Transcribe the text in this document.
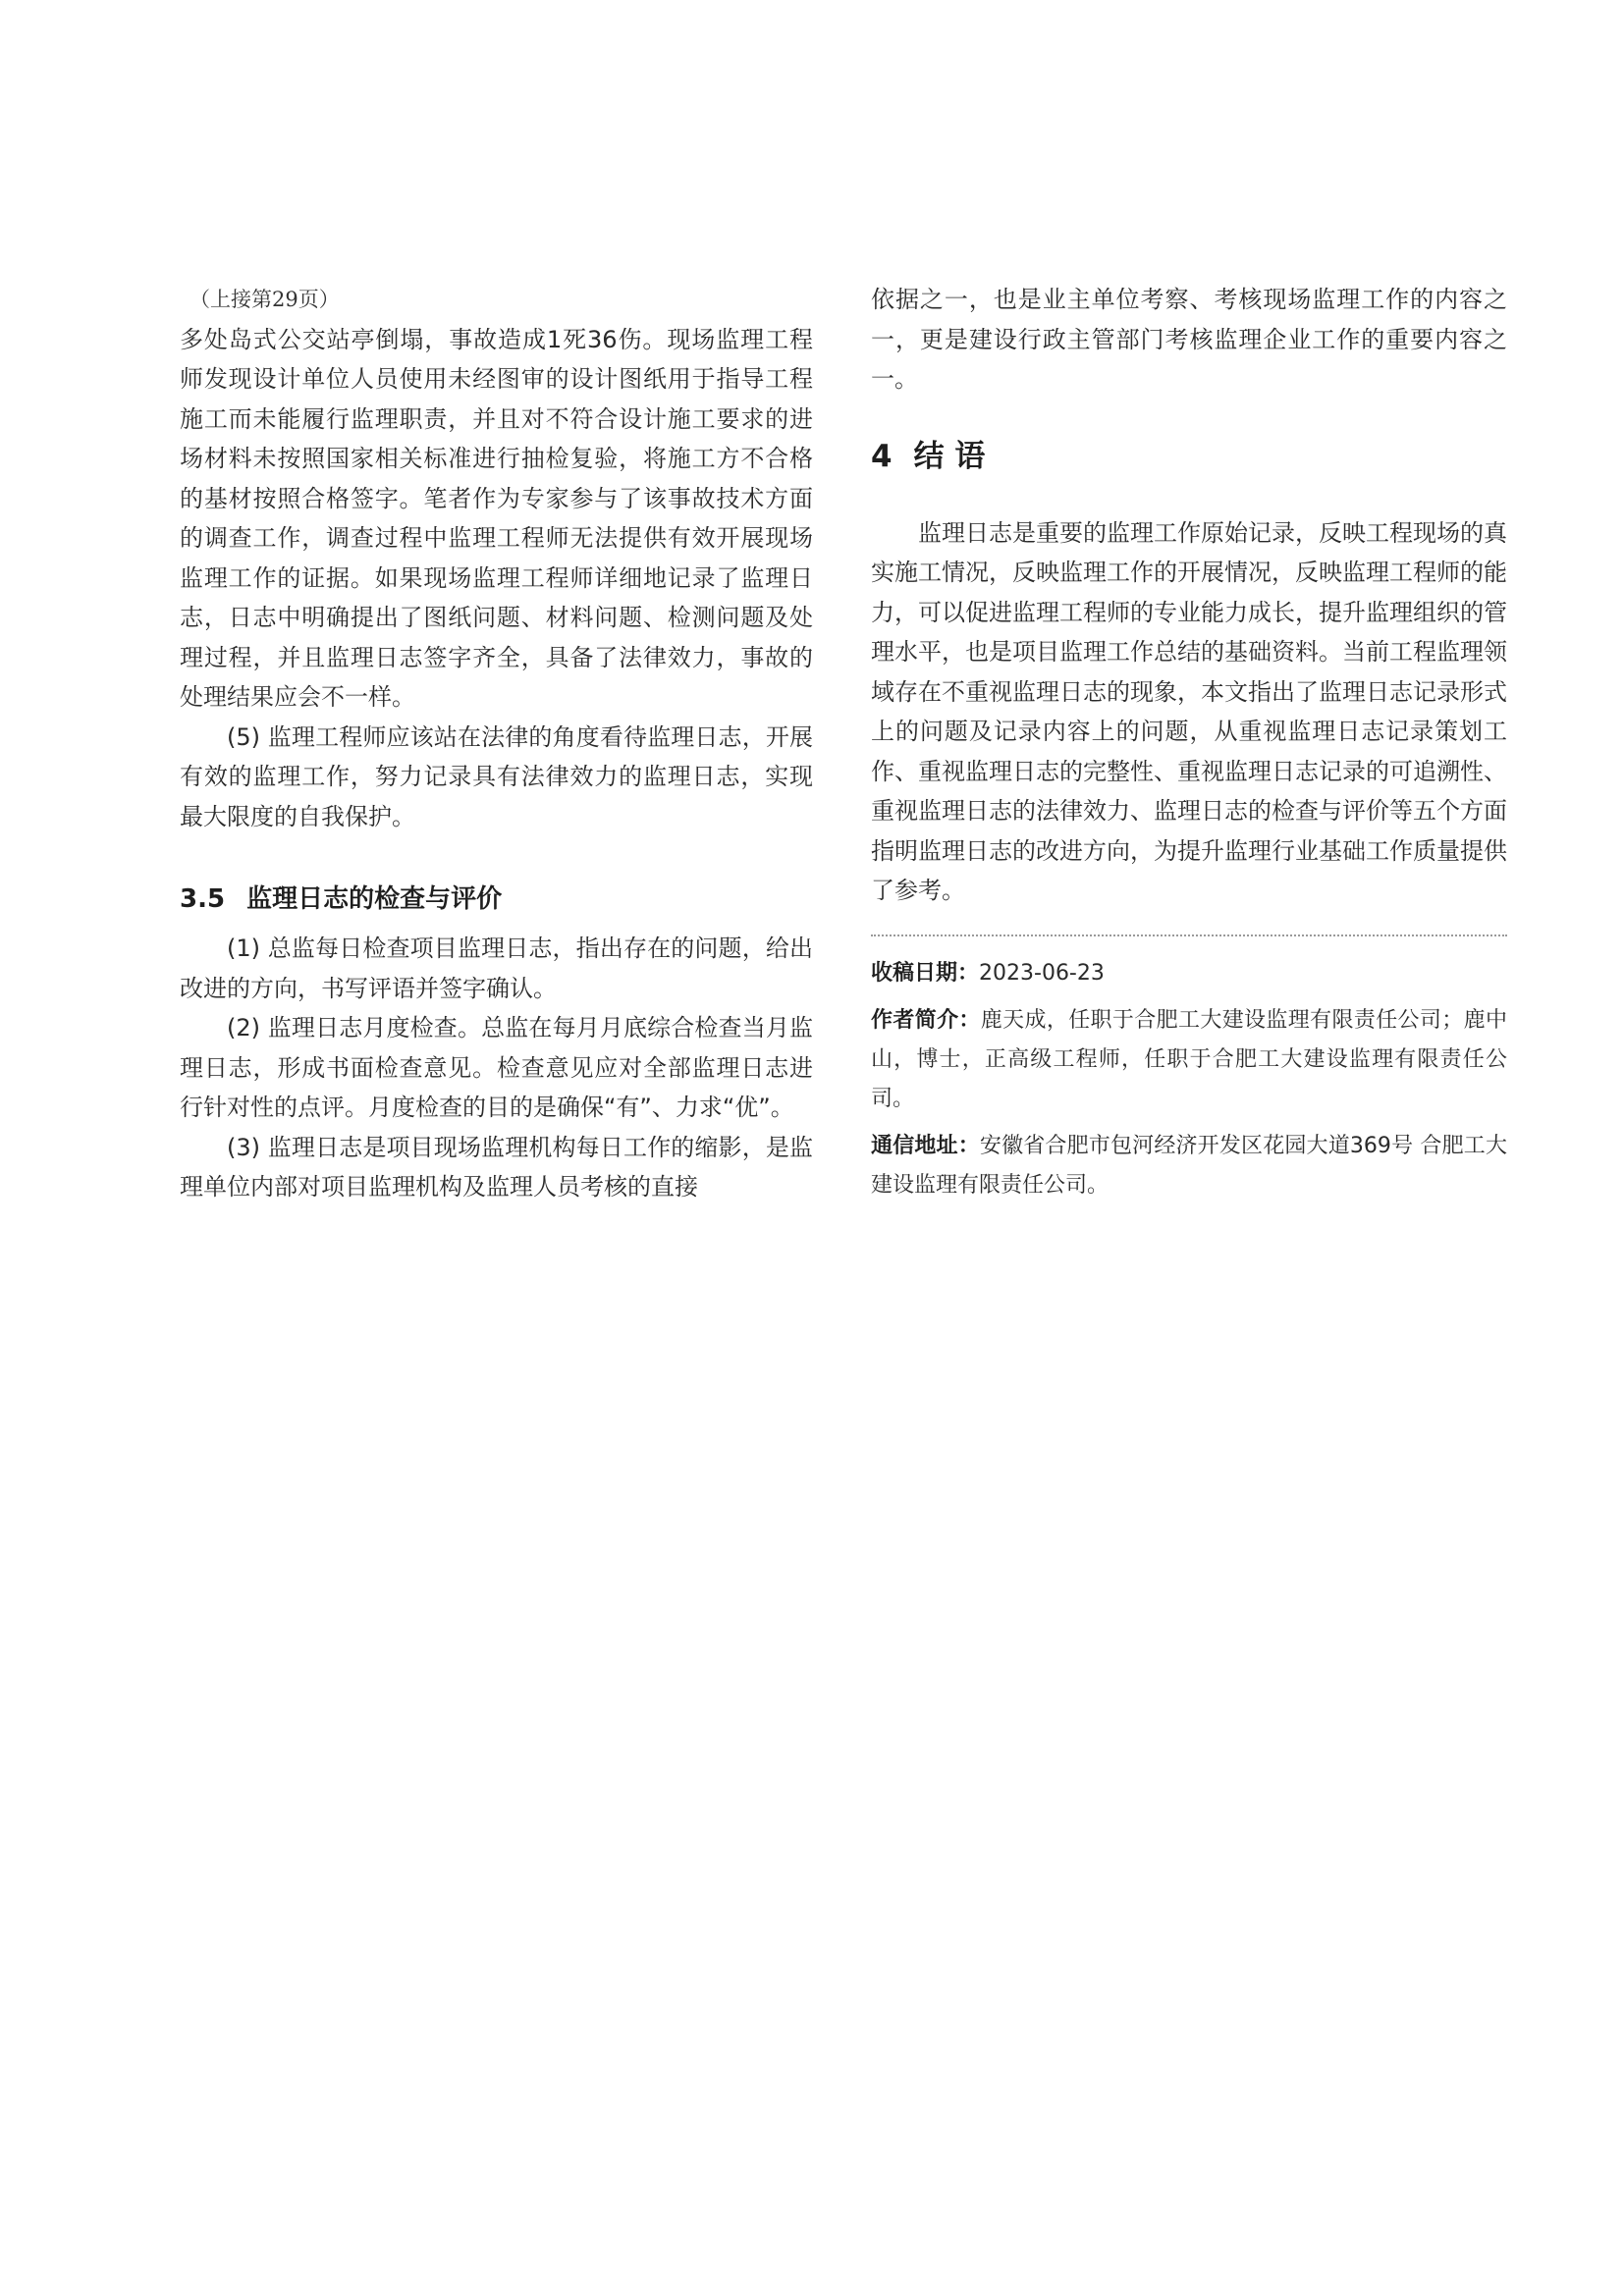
（上接第29页）

多处岛式公交站亭倒塌，事故造成1死36伤。现场监理工程师发现设计单位人员使用未经图审的设计图纸用于指导工程施工而未能履行监理职责，并且对不符合设计施工要求的进场材料未按照国家相关标准进行抽检复验，将施工方不合格的基材按照合格签字。笔者作为专家参与了该事故技术方面的调查工作，调查过程中监理工程师无法提供有效开展现场监理工作的证据。如果现场监理工程师详细地记录了监理日志，日志中明确提出了图纸问题、材料问题、检测问题及处理过程，并且监理日志签字齐全，具备了法律效力，事故的处理结果应会不一样。

(5) 监理工程师应该站在法律的角度看待监理日志，开展有效的监理工作，努力记录具有法律效力的监理日志，实现最大限度的自我保护。

3.5 监理日志的检查与评价

(1) 总监每日检查项目监理日志，指出存在的问题，给出改进的方向，书写评语并签字确认。

(2) 监理日志月度检查。总监在每月月底综合检查当月监理日志，形成书面检查意见。检查意见应对全部监理日志进行针对性的点评。月度检查的目的是确保“有”、力求“优”。

(3) 监理日志是项目现场监理机构每日工作的缩影，是监理单位内部对项目监理机构及监理人员考核的直接

依据之一，也是业主单位考察、考核现场监理工作的内容之一，更是建设行政主管部门考核监理企业工作的重要内容之一。

4 结 语

监理日志是重要的监理工作原始记录，反映工程现场的真实施工情况，反映监理工作的开展情况，反映监理工程师的能力，可以促进监理工程师的专业能力成长，提升监理组织的管理水平，也是项目监理工作总结的基础资料。当前工程监理领域存在不重视监理日志的现象，本文指出了监理日志记录形式上的问题及记录内容上的问题，从重视监理日志记录策划工作、重视监理日志的完整性、重视监理日志记录的可追溯性、重视监理日志的法律效力、监理日志的检查与评价等五个方面指明监理日志的改进方向，为提升监理行业基础工作质量提供了参考。

收稿日期：2023-06-23

作者简介：鹿天成，任职于合肥工大建设监理有限责任公司；鹿中山，博士，正高级工程师，任职于合肥工大建设监理有限责任公司。

通信地址：安徽省合肥市包河经济开发区花园大道369号 合肥工大建设监理有限责任公司。
